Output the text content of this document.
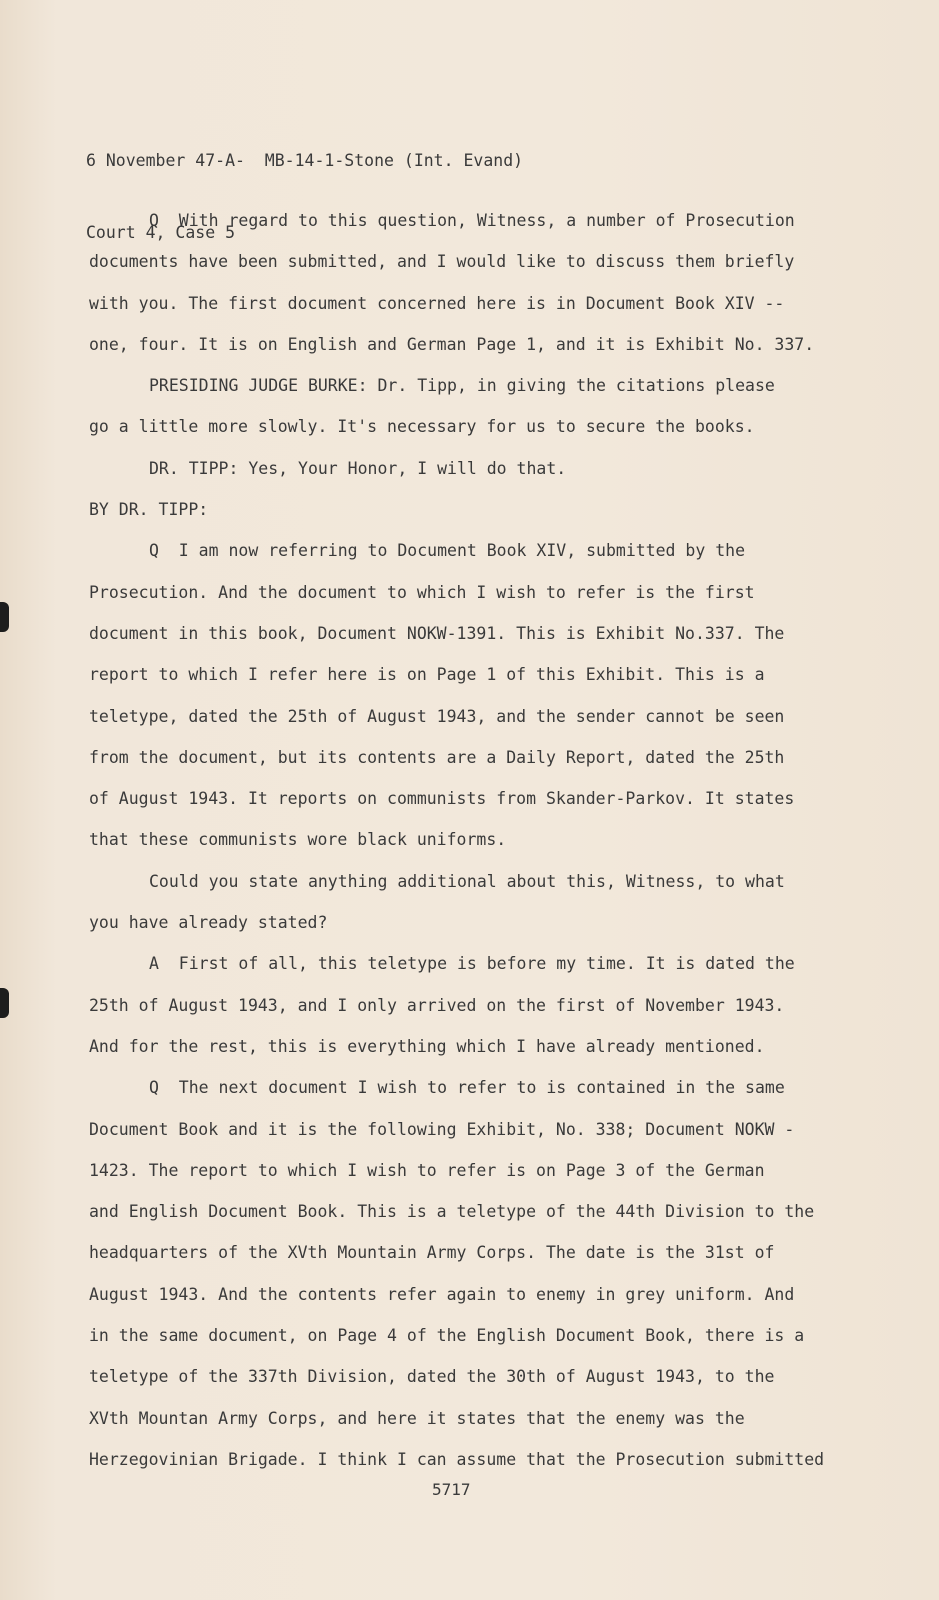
6 November 47-A-  MB-14-1-Stone (Int. Evand)

Court 4, Case 5

Q  With regard to this question, Witness, a number of Prosecution
documents have been submitted, and I would like to discuss them briefly
with you. The first document concerned here is in Document Book XIV --
one, four. It is on English and German Page 1, and it is Exhibit No. 337.
PRESIDING JUDGE BURKE: Dr. Tipp, in giving the citations please
go a little more slowly. It's necessary for us to secure the books.
DR. TIPP: Yes, Your Honor, I will do that.
BY DR. TIPP:
Q  I am now referring to Document Book XIV, submitted by the
Prosecution. And the document to which I wish to refer is the first
document in this book, Document NOKW-1391. This is Exhibit No.337. The
report to which I refer here is on Page 1 of this Exhibit. This is a
teletype, dated the 25th of August 1943, and the sender cannot be seen
from the document, but its contents are a Daily Report, dated the 25th
of August 1943. It reports on communists from Skander-Parkov. It states
that these communists wore black uniforms.
Could you state anything additional about this, Witness, to what
you have already stated?
A  First of all, this teletype is before my time. It is dated the
25th of August 1943, and I only arrived on the first of November 1943.
And for the rest, this is everything which I have already mentioned.
Q  The next document I wish to refer to is contained in the same
Document Book and it is the following Exhibit, No. 338; Document NOKW -
1423. The report to which I wish to refer is on Page 3 of the German
and English Document Book. This is a teletype of the 44th Division to the
headquarters of the XVth Mountain Army Corps. The date is the 31st of
August 1943. And the contents refer again to enemy in grey uniform. And
in the same document, on Page 4 of the English Document Book, there is a
teletype of the 337th Division, dated the 30th of August 1943, to the
XVth Mountan Army Corps, and here it states that the enemy was the
Herzegovinian Brigade. I think I can assume that the Prosecution submitted
5717
